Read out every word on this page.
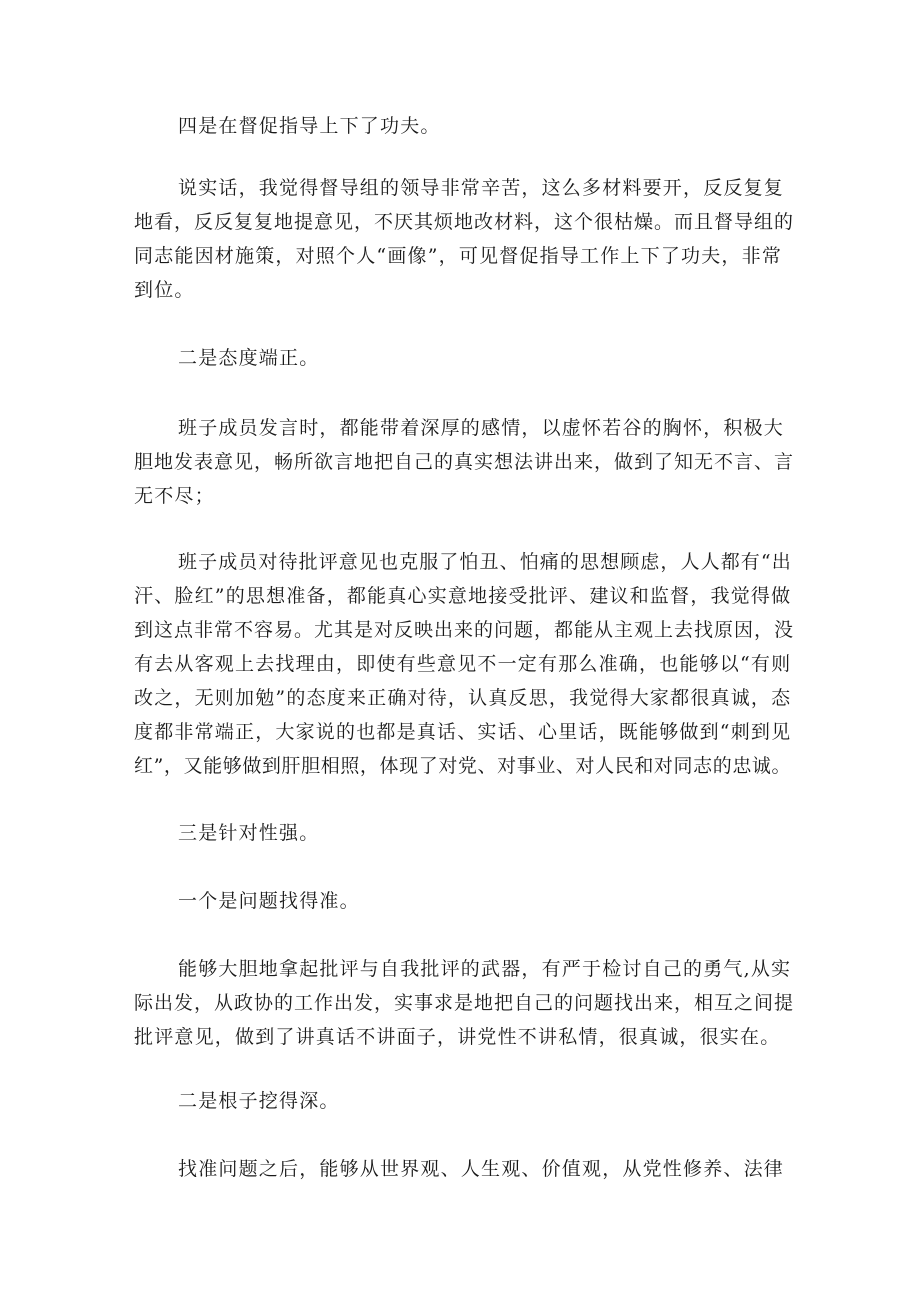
四是在督促指导上下了功夫。
说实话，我觉得督导组的领导非常辛苦，这么多材料要开，反反复复
地看，反反复复地提意见，不厌其烦地改材料，这个很枯燥。而且督导组的
同志能因材施策，对照个人“画像”，可见督促指导工作上下了功夫，非常
到位。
二是态度端正。
班子成员发言时，都能带着深厚的感情，以虚怀若谷的胸怀，积极大
胆地发表意见，畅所欲言地把自己的真实想法讲出来，做到了知无不言、言
无不尽；
班子成员对待批评意见也克服了怕丑、怕痛的思想顾虑，人人都有“出
汗、脸红”的思想准备，都能真心实意地接受批评、建议和监督，我觉得做
到这点非常不容易。尤其是对反映出来的问题，都能从主观上去找原因，没
有去从客观上去找理由，即使有些意见不一定有那么准确，也能够以“有则
改之，无则加勉”的态度来正确对待，认真反思，我觉得大家都很真诚，态
度都非常端正，大家说的也都是真话、实话、心里话，既能够做到“刺到见
红”，又能够做到肝胆相照，体现了对党、对事业、对人民和对同志的忠诚。
三是针对性强。
一个是问题找得准。
能够大胆地拿起批评与自我批评的武器，有严于检讨自己的勇气,从实
际出发，从政协的工作出发，实事求是地把自己的问题找出来，相互之间提
批评意见，做到了讲真话不讲面子，讲党性不讲私情，很真诚，很实在。
二是根子挖得深。
找准问题之后，能够从世界观、人生观、价值观，从党性修养、法律
